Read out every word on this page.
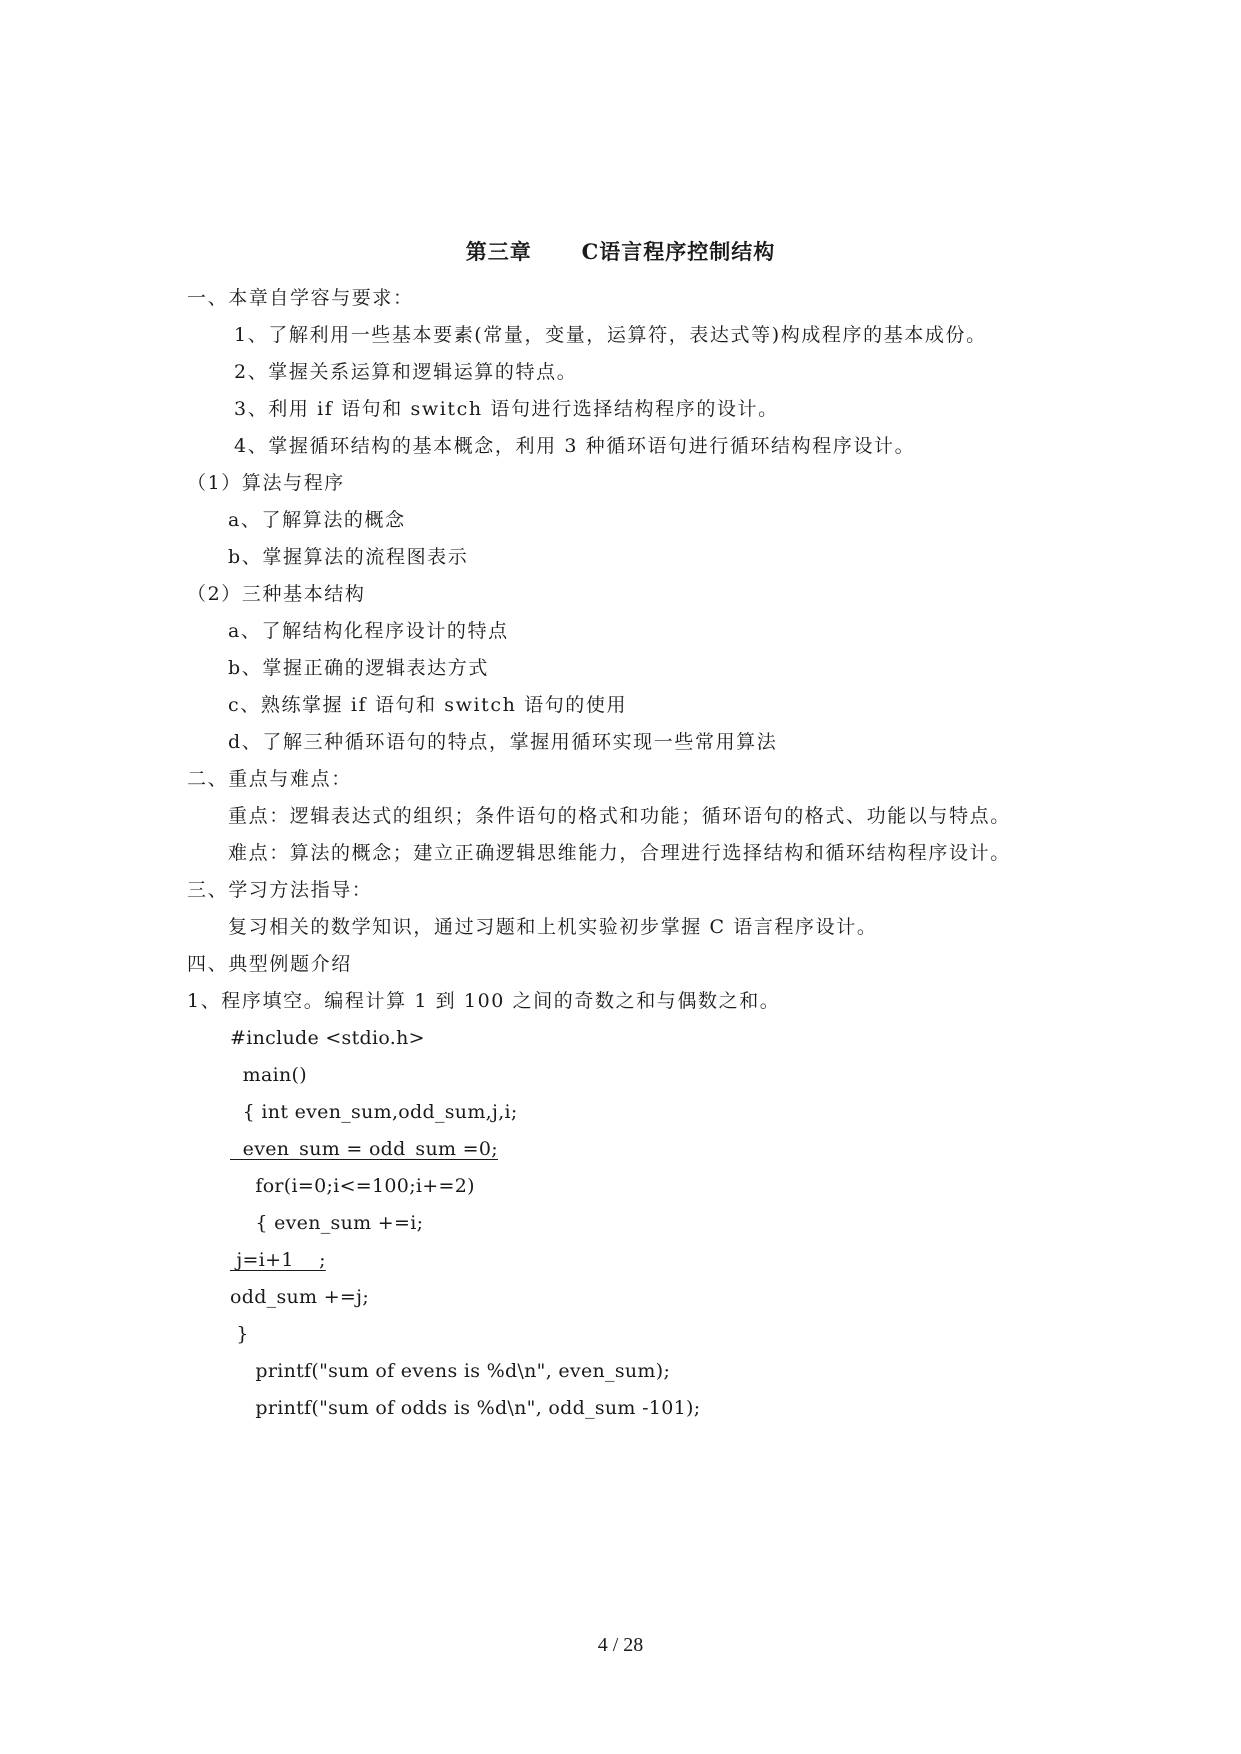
第三章      C语言程序控制结构
一、本章自学容与要求：
1、了解利用一些基本要素(常量，变量，运算符，表达式等)构成程序的基本成份。
2、掌握关系运算和逻辑运算的特点。
3、利用 if 语句和 switch 语句进行选择结构程序的设计。
4、掌握循环结构的基本概念，利用 3 种循环语句进行循环结构程序设计。
（1）算法与程序
a、了解算法的概念
b、掌握算法的流程图表示
（2）三种基本结构
a、了解结构化程序设计的特点
b、掌握正确的逻辑表达方式
c、熟练掌握 if 语句和 switch 语句的使用
d、了解三种循环语句的特点，掌握用循环实现一些常用算法
二、重点与难点：
重点：逻辑表达式的组织；条件语句的格式和功能；循环语句的格式、功能以与特点。
难点：算法的概念；建立正确逻辑思维能力，合理进行选择结构和循环结构程序设计。
三、学习方法指导：
复习相关的数学知识，通过习题和上机实验初步掌握 C 语言程序设计。
四、典型例题介绍
1、程序填空。编程计算 1 到 100 之间的奇数之和与偶数之和。
#include <stdio.h>
main()
{ int even_sum,odd_sum,j,i;
even_sum = odd_sum =0;
for(i=0;i<=100;i+=2)
{ even_sum +=i;
j=i+1    ;
odd_sum +=j;
}
printf("sum of evens is %d\n", even_sum);
printf("sum of odds is %d\n", odd_sum -101);
4 / 28
